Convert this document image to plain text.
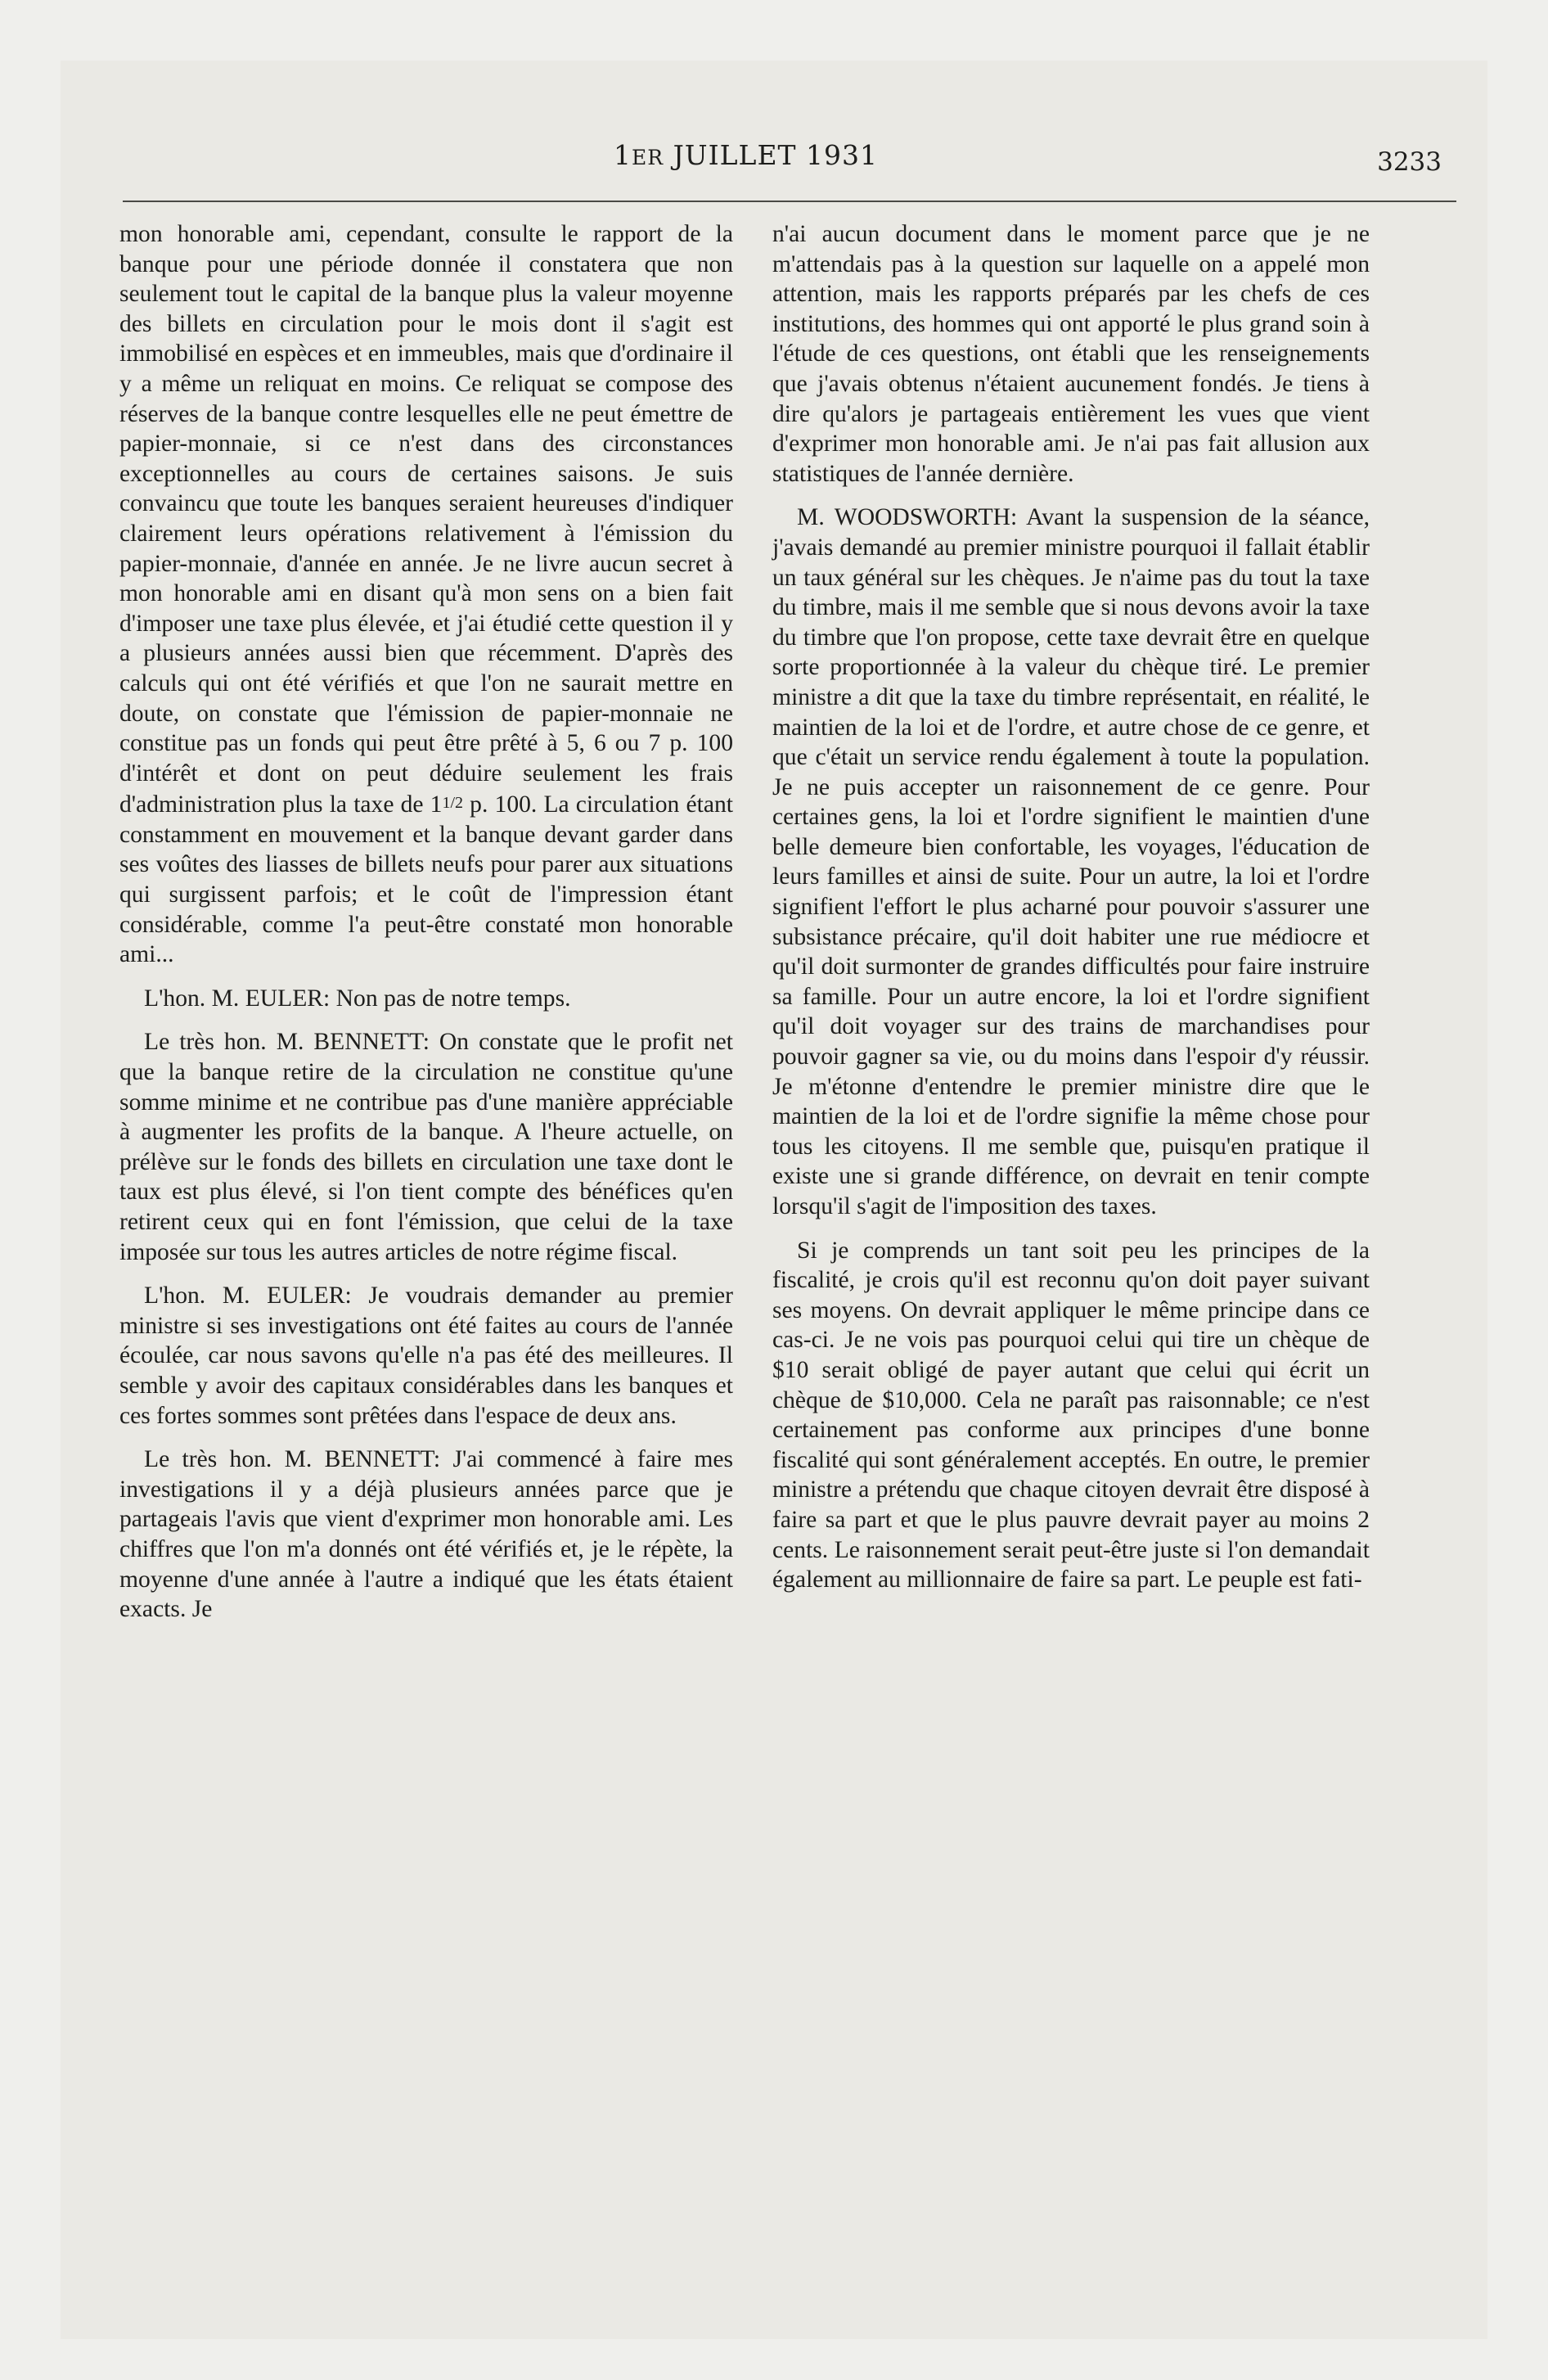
1ER JUILLET 1931	3233

mon honorable ami, cependant, consulte le rapport de la banque pour une période donnée il constatera que non seulement tout le capital de la banque plus la valeur moyenne des billets en circulation pour le mois dont il s'agit est immobilisé en espèces et en immeubles, mais que d'ordinaire il y a même un reliquat en moins. Ce reliquat se compose des réserves de la banque contre lesquelles elle ne peut émettre de papier-monnaie, si ce n'est dans des circonstances exceptionnelles au cours de certaines saisons. Je suis convaincu que toute les banques seraient heureuses d'indiquer clairement leurs opérations relativement à l'émission du papier-monnaie, d'année en année. Je ne livre aucun secret à mon honorable ami en disant qu'à mon sens on a bien fait d'imposer une taxe plus élevée, et j'ai étudié cette question il y a plusieurs années aussi bien que récemment. D'après des calculs qui ont été vérifiés et que l'on ne saurait mettre en doute, on constate que l'émission de papier-monnaie ne constitue pas un fonds qui peut être prêté à 5, 6 ou 7 p. 100 d'intérêt et dont on peut déduire seulement les frais d'administration plus la taxe de 11/2 p. 100. La circulation étant constamment en mouvement et la banque devant garder dans ses voûtes des liasses de billets neufs pour parer aux situations qui surgissent parfois; et le coût de l'impression étant considérable, comme l'a peut-être constaté mon honorable ami...

L'hon. M. EULER: Non pas de notre temps.

Le très hon. M. BENNETT: On constate que le profit net que la banque retire de la circulation ne constitue qu'une somme minime et ne contribue pas d'une manière appréciable à augmenter les profits de la banque. A l'heure actuelle, on prélève sur le fonds des billets en circulation une taxe dont le taux est plus élevé, si l'on tient compte des bénéfices qu'en retirent ceux qui en font l'émission, que celui de la taxe imposée sur tous les autres articles de notre régime fiscal.

L'hon. M. EULER: Je voudrais demander au premier ministre si ses investigations ont été faites au cours de l'année écoulée, car nous savons qu'elle n'a pas été des meilleures. Il semble y avoir des capitaux considérables dans les banques et ces fortes sommes sont prêtées dans l'espace de deux ans.

Le très hon. M. BENNETT: J'ai commencé à faire mes investigations il y a déjà plusieurs années parce que je partageais l'avis que vient d'exprimer mon honorable ami. Les chiffres que l'on m'a donnés ont été vérifiés et, je le répète, la moyenne d'une année à l'autre a indiqué que les états étaient exacts. Je

n'ai aucun document dans le moment parce que je ne m'attendais pas à la question sur laquelle on a appelé mon attention, mais les rapports préparés par les chefs de ces institutions, des hommes qui ont apporté le plus grand soin à l'étude de ces questions, ont établi que les renseignements que j'avais obtenus n'étaient aucunement fondés. Je tiens à dire qu'alors je partageais entièrement les vues que vient d'exprimer mon honorable ami. Je n'ai pas fait allusion aux statistiques de l'année dernière.

M. WOODSWORTH: Avant la suspension de la séance, j'avais demandé au premier ministre pourquoi il fallait établir un taux général sur les chèques. Je n'aime pas du tout la taxe du timbre, mais il me semble que si nous devons avoir la taxe du timbre que l'on propose, cette taxe devrait être en quelque sorte proportionnée à la valeur du chèque tiré. Le premier ministre a dit que la taxe du timbre représentait, en réalité, le maintien de la loi et de l'ordre, et autre chose de ce genre, et que c'était un service rendu également à toute la population. Je ne puis accepter un raisonnement de ce genre. Pour certaines gens, la loi et l'ordre signifient le maintien d'une belle demeure bien confortable, les voyages, l'éducation de leurs familles et ainsi de suite. Pour un autre, la loi et l'ordre signifient l'effort le plus acharné pour pouvoir s'assurer une subsistance précaire, qu'il doit habiter une rue médiocre et qu'il doit surmonter de grandes difficultés pour faire instruire sa famille. Pour un autre encore, la loi et l'ordre signifient qu'il doit voyager sur des trains de marchandises pour pouvoir gagner sa vie, ou du moins dans l'espoir d'y réussir. Je m'étonne d'entendre le premier ministre dire que le maintien de la loi et de l'ordre signifie la même chose pour tous les citoyens. Il me semble que, puisqu'en pratique il existe une si grande différence, on devrait en tenir compte lorsqu'il s'agit de l'imposition des taxes.

Si je comprends un tant soit peu les principes de la fiscalité, je crois qu'il est reconnu qu'on doit payer suivant ses moyens. On devrait appliquer le même principe dans ce cas-ci. Je ne vois pas pourquoi celui qui tire un chèque de $10 serait obligé de payer autant que celui qui écrit un chèque de $10,000. Cela ne paraît pas raisonnable; ce n'est certainement pas conforme aux principes d'une bonne fiscalité qui sont généralement acceptés. En outre, le premier ministre a prétendu que chaque citoyen devrait être disposé à faire sa part et que le plus pauvre devrait payer au moins 2 cents. Le raisonnement serait peut-être juste si l'on demandait également au millionnaire de faire sa part. Le peuple est fati-
